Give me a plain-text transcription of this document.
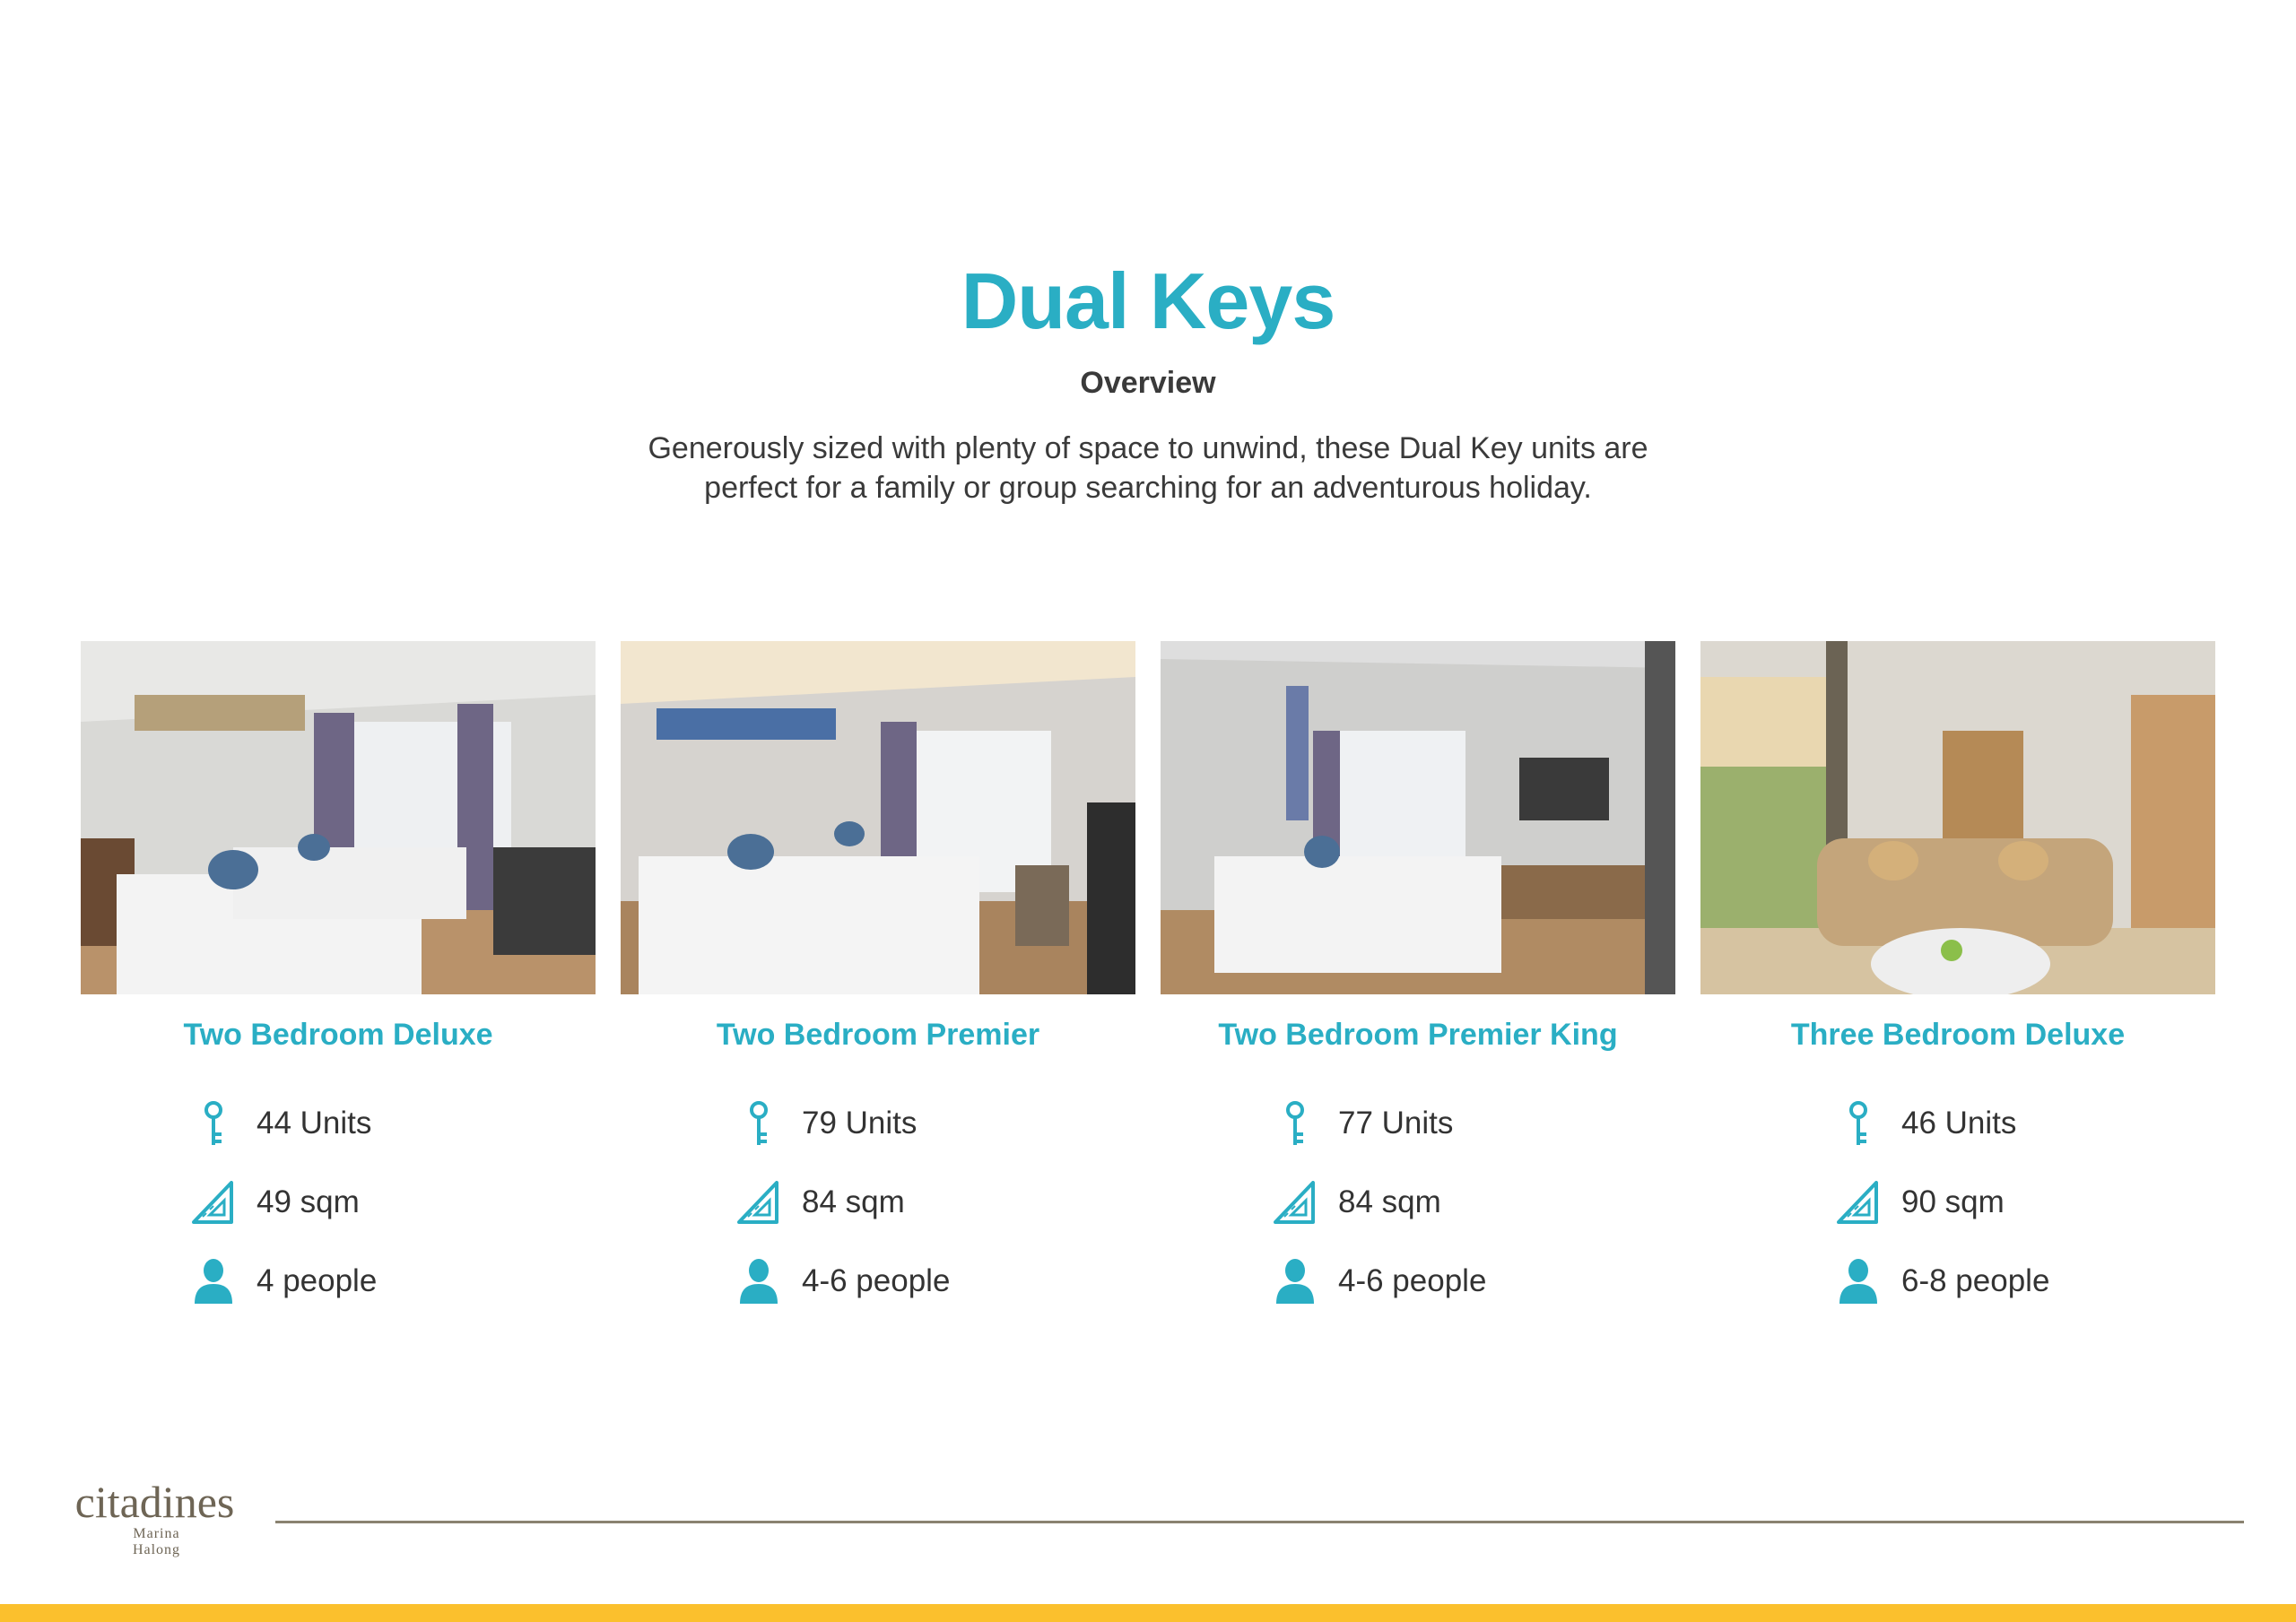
Dual Keys
Overview
Generously sized with plenty of space to unwind, these Dual Key units are
perfect for a family or group searching for an adventurous holiday.
Two Bedroom Deluxe
44 Units
49 sqm
4 people
Two Bedroom Premier
79 Units
84 sqm
4-6 people
Two Bedroom Premier King
77 Units
84 sqm
4-6 people
Three Bedroom Deluxe
46 Units
90 sqm
6-8 people
citadines
Marina
Halong
